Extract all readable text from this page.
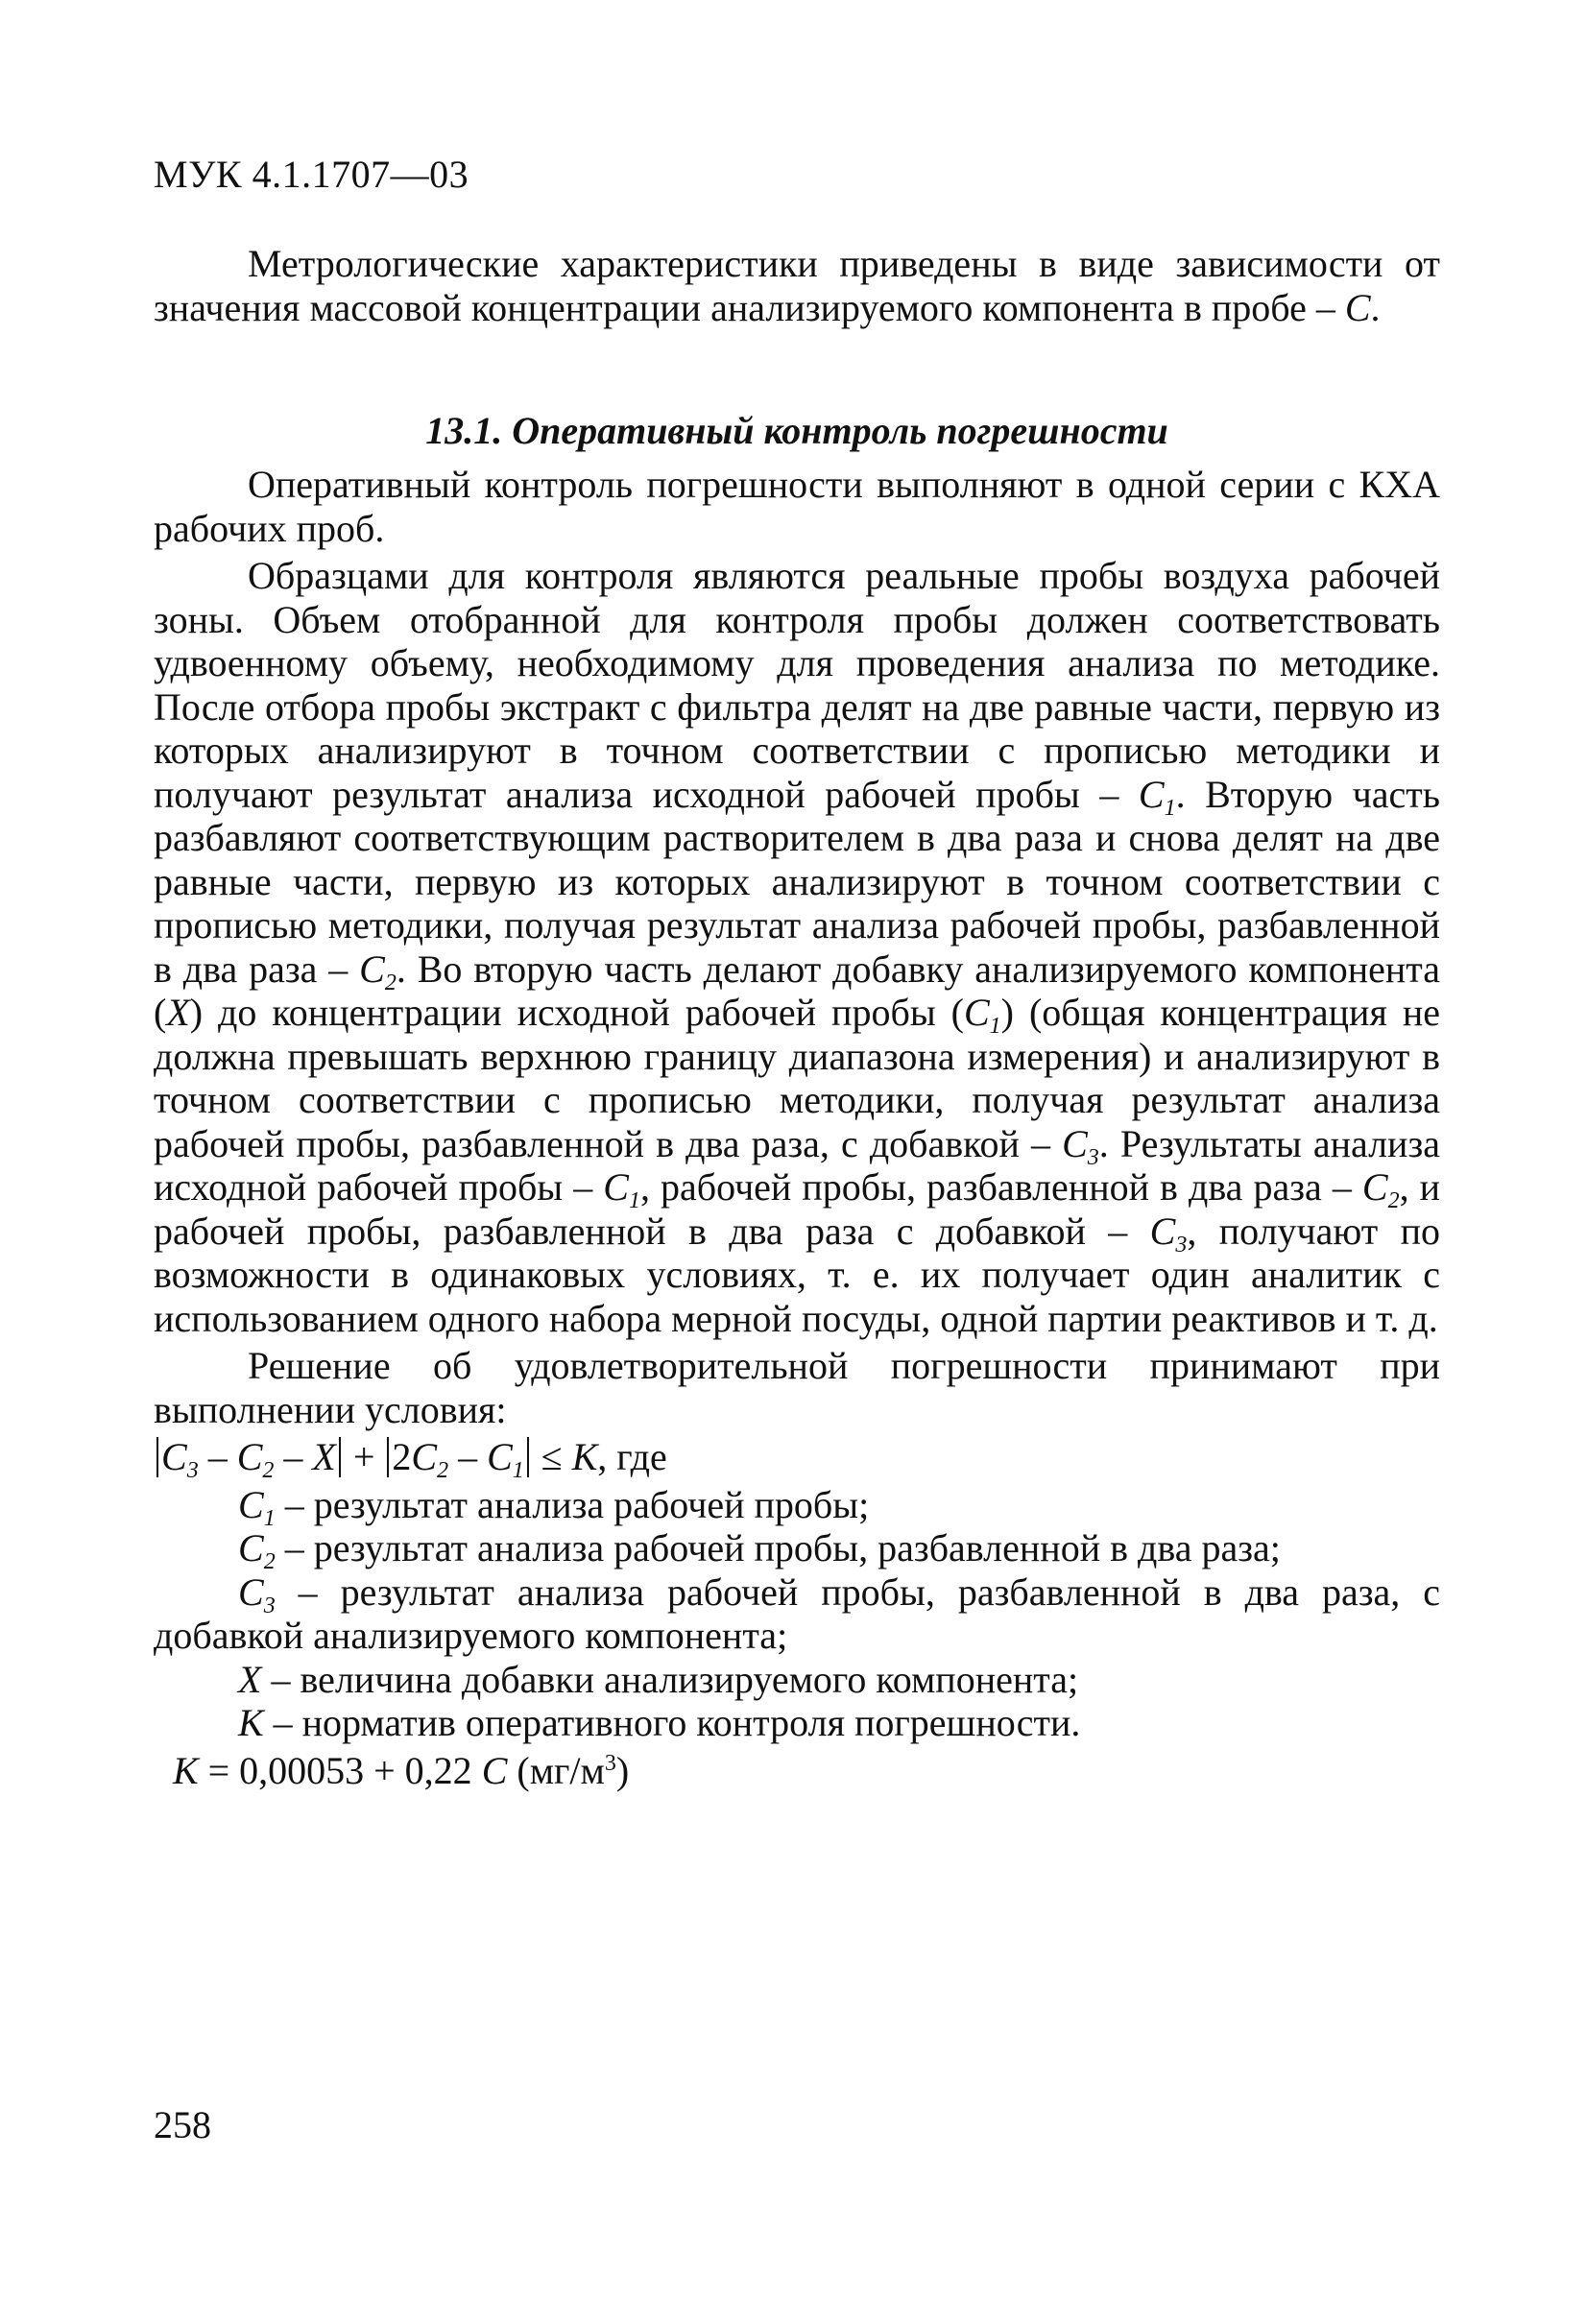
МУК 4.1.1707—03

Метрологические характеристики приведены в виде зависимости от значения массовой концентрации анализируемого компонента в пробе – С.

13.1. Оперативный контроль погрешности

Оперативный контроль погрешности выполняют в одной серии с КХА рабочих проб.

Образцами для контроля являются реальные пробы воздуха рабочей зоны. Объем отобранной для контроля пробы должен соответствовать удвоенному объему, необходимому для проведения анализа по методике. После отбора пробы экстракт с фильтра делят на две равные части, первую из которых анализируют в точном соответствии с прописью методики и получают результат анализа исходной рабочей пробы – $С_1$. Вторую часть разбавляют соответствующим растворителем в два раза и снова делят на две равные части, первую из которых анализируют в точном соответствии с прописью методики, получая результат анализа рабочей пробы, разбавленной в два раза – $С_2$. Во вторую часть делают добавку анализируемого компонента (X) до концентрации исходной рабочей пробы $(С_1)$ (общая концентрация не должна превышать верхнюю границу диапазона измерения) и анализируют в точном соответствии с прописью методики, получая результат анализа рабочей пробы, разбавленной в два раза, с добавкой – $С_3$. Результаты анализа исходной рабочей пробы – $С_1$, рабочей пробы, разбавленной в два раза – $С_2$, и рабочей пробы, разбавленной в два раза с добавкой – $С_3$, получают по возможности в одинаковых условиях, т. е. их получает один аналитик с использованием одного набора мерной посуды, одной партии реактивов и т. д.

Решение об удовлетворительной погрешности принимают при выполнении условия:

$С_3 - С_2 - X + 2С_2 - С_1 \le К$, где

$С_1$ – результат анализа рабочей пробы;

$С_2$ – результат анализа рабочей пробы, разбавленной в два раза;

$С_3$ – результат анализа рабочей пробы, разбавленной в два раза, с добавкой анализируемого компонента;

X – величина добавки анализируемого компонента;

К – норматив оперативного контроля погрешности.

К = 0,00053 + 0,22 С $(мг/м^3)$
258
